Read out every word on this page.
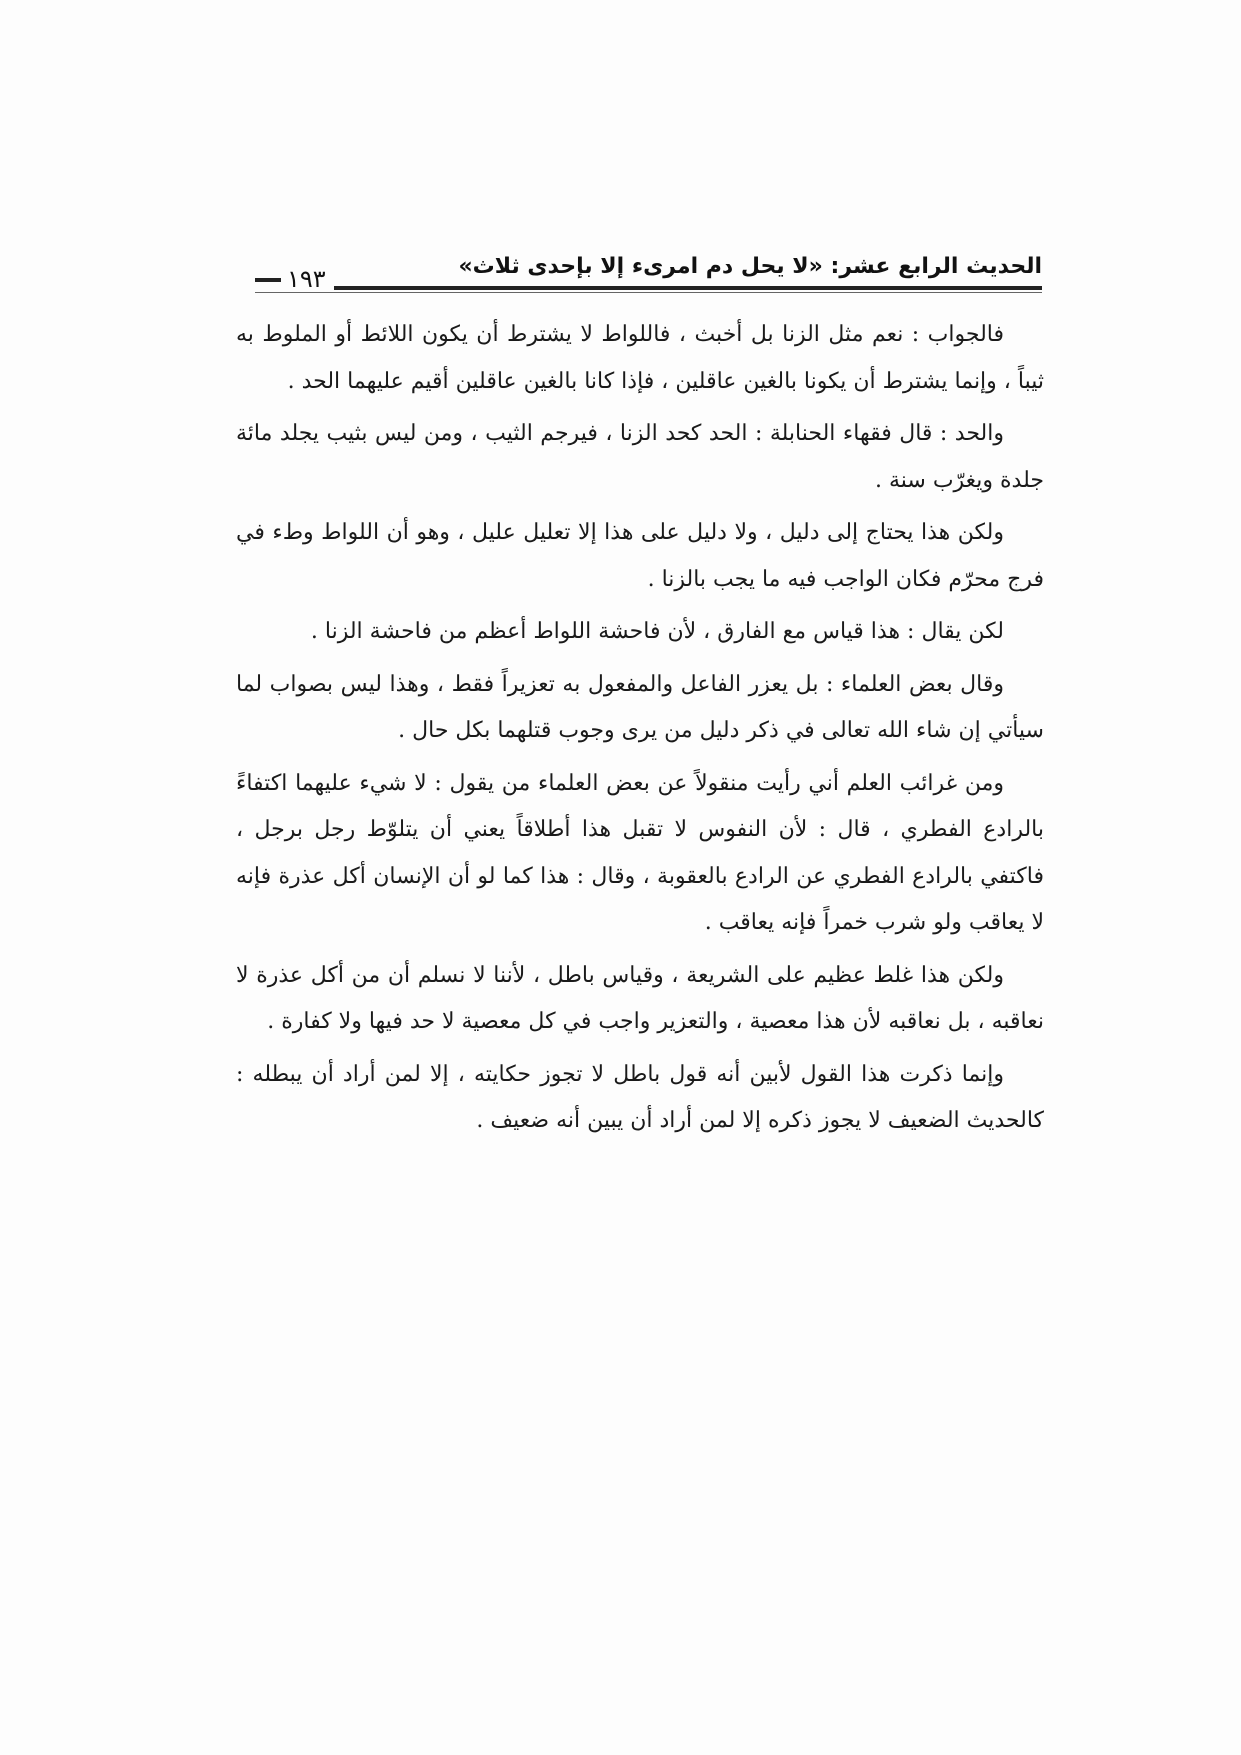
الحديث الرابع عشر: «لا يحل دم امرىء إلا بإحدى ثلاث»
١٩٣

فالجواب : نعم مثل الزنا بل أخبث ، فاللواط لا يشترط أن يكون اللائط أو الملوط به ثيباً ، وإنما يشترط أن يكونا بالغين عاقلين ، فإذا كانا بالغين عاقلين أقيم عليهما الحد .

والحد : قال فقهاء الحنابلة : الحد كحد الزنا ، فيرجم الثيب ، ومن ليس بثيب يجلد مائة جلدة ويغرّب سنة .

ولكن هذا يحتاج إلى دليل ، ولا دليل على هذا إلا تعليل عليل ، وهو أن اللواط وطء في فرج محرّم فكان الواجب فيه ما يجب بالزنا .

لكن يقال : هذا قياس مع الفارق ، لأن فاحشة اللواط أعظم من فاحشة الزنا .

وقال بعض العلماء : بل يعزر الفاعل والمفعول به تعزيراً فقط ، وهذا ليس بصواب لما سيأتي إن شاء الله تعالى في ذكر دليل من يرى وجوب قتلهما بكل حال .

ومن غرائب العلم أني رأيت منقولاً عن بعض العلماء من يقول : لا شيء عليهما اكتفاءً بالرادع الفطري ، قال : لأن النفوس لا تقبل هذا أطلاقاً يعني أن يتلوّط رجل برجل ، فاكتفي بالرادع الفطري عن الرادع بالعقوبة ، وقال : هذا كما لو أن الإنسان أكل عذرة فإنه لا يعاقب ولو شرب خمراً فإنه يعاقب .

ولكن هذا غلط عظيم على الشريعة ، وقياس باطل ، لأننا لا نسلم أن من أكل عذرة لا نعاقبه ، بل نعاقبه لأن هذا معصية ، والتعزير واجب في كل معصية لا حد فيها ولا كفارة .

وإنما ذكرت هذا القول لأبين أنه قول باطل لا تجوز حكايته ، إلا لمن أراد أن يبطله : كالحديث الضعيف لا يجوز ذكره إلا لمن أراد أن يبين أنه ضعيف .
